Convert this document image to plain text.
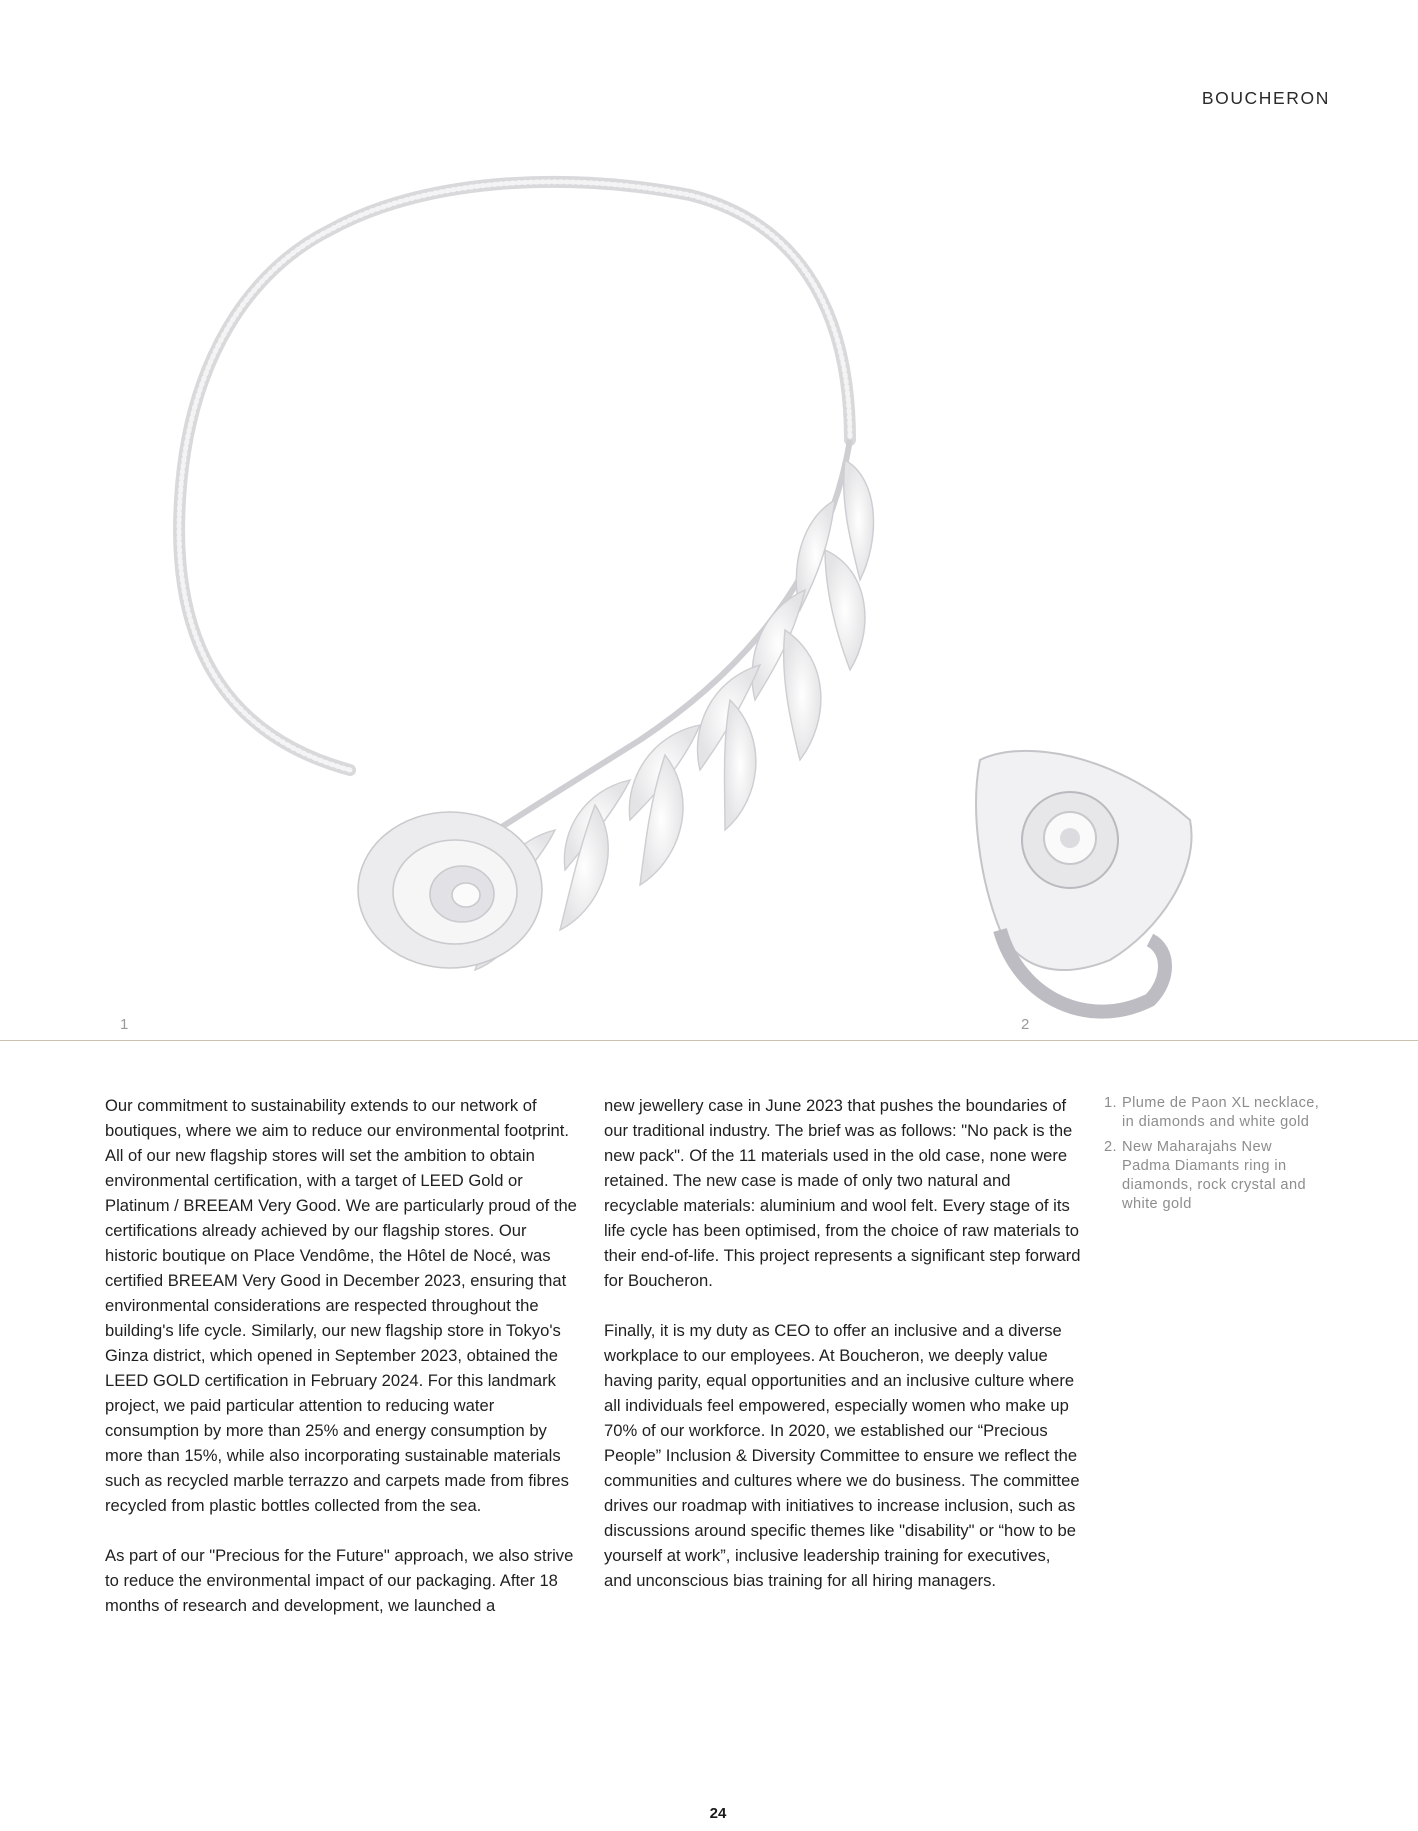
BOUCHERON
1	2

Our commitment to sustainability extends to our network of boutiques, where we aim to reduce our environmental footprint. All of our new flagship stores will set the ambition to obtain environmental certification, with a target of LEED Gold or Platinum / BREEAM Very Good. We are particularly proud of the certifications already achieved by our flagship stores. Our historic boutique on Place Vendôme, the Hôtel de Nocé, was certified BREEAM Very Good in December 2023, ensuring that environmental considerations are respected throughout the building's life cycle. Similarly, our new flagship store in Tokyo's Ginza district, which opened in September 2023, obtained the LEED GOLD certification in February 2024. For this landmark project, we paid particular attention to reducing water consumption by more than 25% and energy consumption by more than 15%, while also incorporating sustainable materials such as recycled marble terrazzo and carpets made from fibres recycled from plastic bottles collected from the sea.

As part of our "Precious for the Future" approach, we also strive to reduce the environmental impact of our packaging. After 18 months of research and development, we launched a

new jewellery case in June 2023 that pushes the boundaries of our traditional industry. The brief was as follows: "No pack is the new pack". Of the 11 materials used in the old case, none were retained. The new case is made of only two natural and recyclable materials: aluminium and wool felt. Every stage of its life cycle has been optimised, from the choice of raw materials to their end-of-life. This project represents a significant step forward for Boucheron.

Finally, it is my duty as CEO to offer an inclusive and a diverse workplace to our employees. At Boucheron, we deeply value having parity, equal opportunities and an inclusive culture where all individuals feel empowered, especially women who make up 70% of our workforce. In 2020, we established our “Precious People” Inclusion & Diversity Committee to ensure we reflect the communities and cultures where we do business. The committee drives our roadmap with initiatives to increase inclusion, such as discussions around specific themes like "disability" or “how to be yourself at work”, inclusive leadership training for executives, and unconscious bias training for all hiring managers.

1. Plume de Paon XL necklace, in diamonds and white gold
2. New Maharajahs New Padma Diamants ring in diamonds, rock crystal and white gold
24
